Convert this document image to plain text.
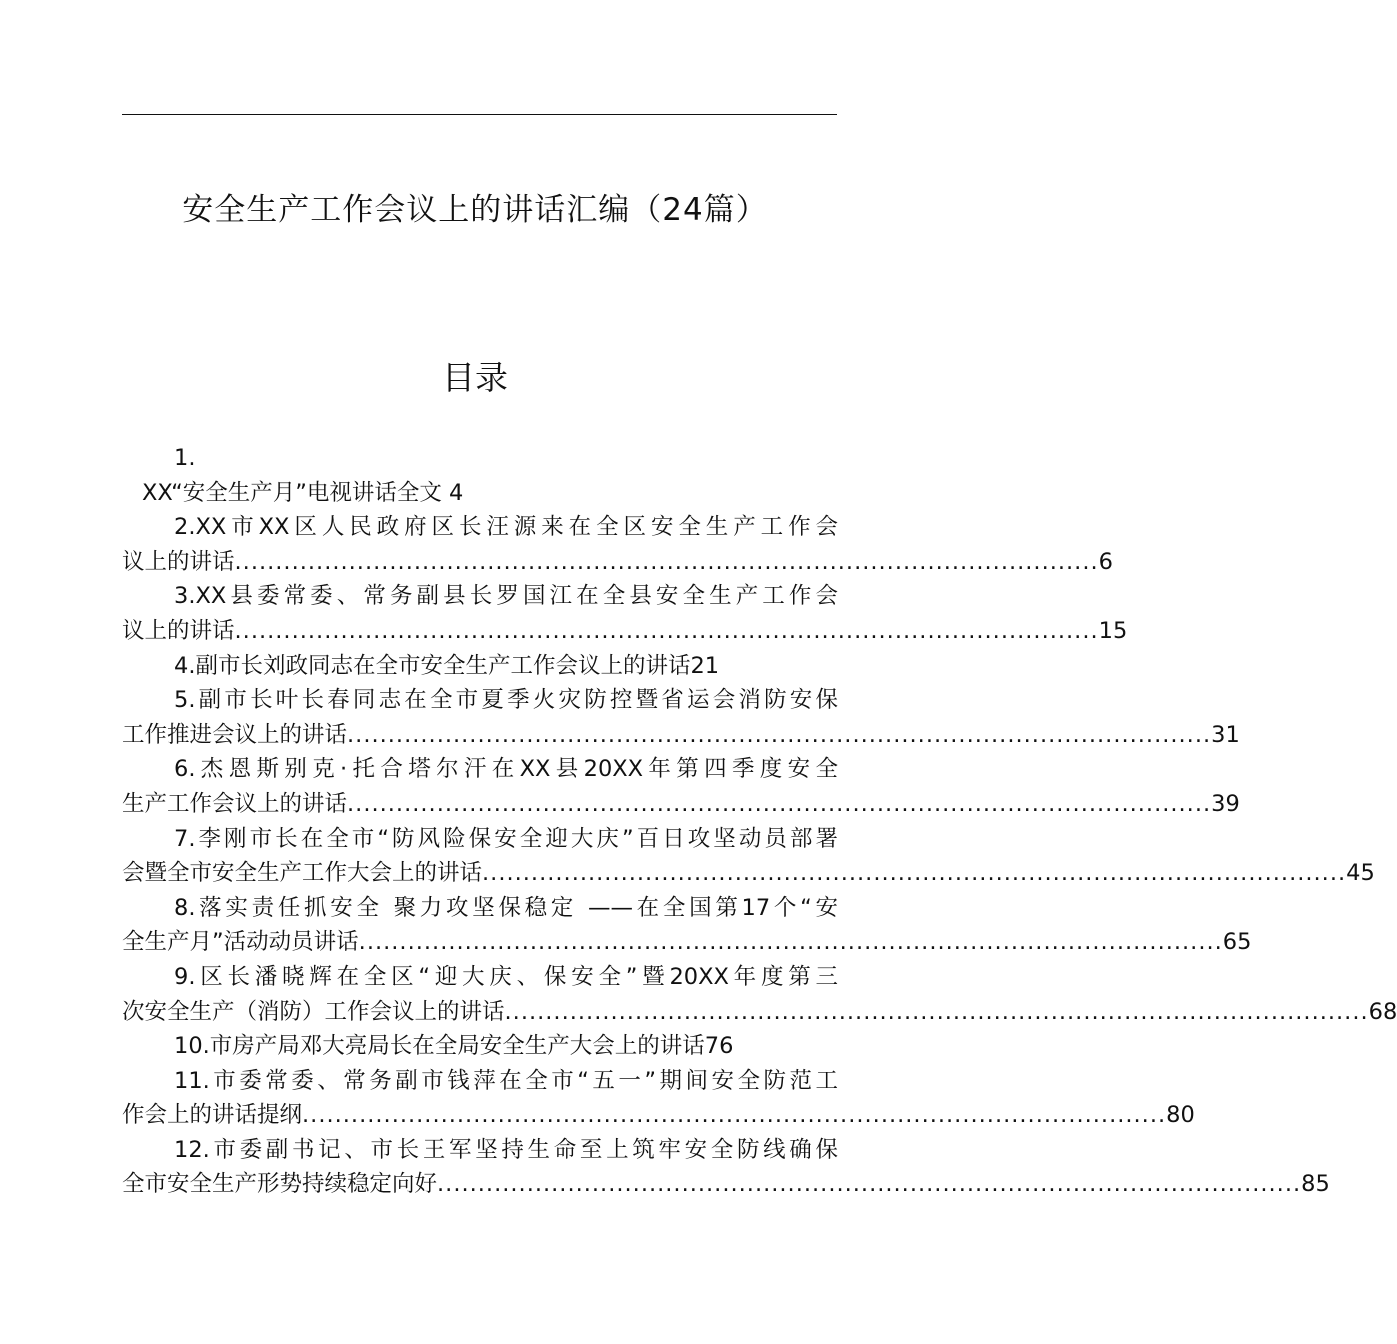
安全生产工作会议上的讲话汇编（24篇）
目录
1.
XX“安全生产月”电视讲话全文 4
2.XX市XX区人民政府区长汪源来在全区安全生产工作会
议上的讲话 .......................................................................................................... 6
3.XX县委常委、常务副县长罗国江在全县安全生产工作会
议上的讲话 .......................................................................................................... 15
4.副市长刘政同志在全市安全生产工作会议上的讲话21
5.副市长叶长春同志在全市夏季火灾防控暨省运会消防安保
工作推进会议上的讲话 .......................................................................................................... 31
6.杰恩斯别克·托合塔尔汗在XX县20XX年第四季度安全
生产工作会议上的讲话 .......................................................................................................... 39
7.李刚市长在全市“防风险保安全迎大庆”百日攻坚动员部署
会暨全市安全生产工作大会上的讲话 .......................................................................................................... 45
8.落实责任抓安全 聚力攻坚保稳定 ——在全国第17个“安
全生产月”活动动员讲话 .......................................................................................................... 65
9.区长潘晓辉在全区“迎大庆、保安全”暨20XX年度第三
次安全生产（消防）工作会议上的讲话 .......................................................................................................... 68
10.市房产局邓大亮局长在全局安全生产大会上的讲话76
11.市委常委、常务副市钱萍在全市“五一”期间安全防范工
作会上的讲话提纲 .......................................................................................................... 80
12.市委副书记、市长王军坚持生命至上筑牢安全防线确保
全市安全生产形势持续稳定向好 .......................................................................................................... 85
